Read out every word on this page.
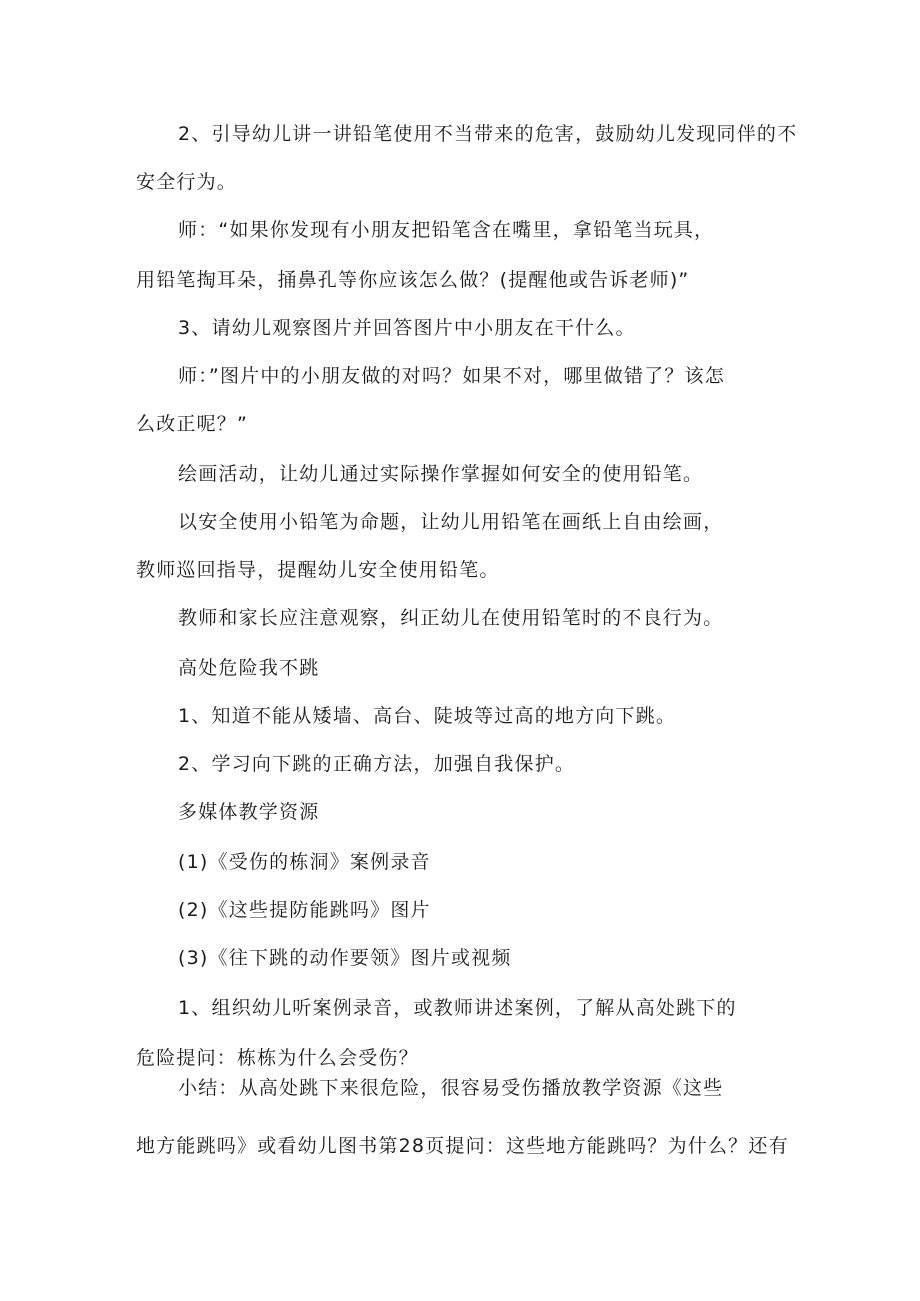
2、引导幼儿讲一讲铅笔使用不当带来的危害，鼓励幼儿发现同伴的不
安全行为。
师：“如果你发现有小朋友把铅笔含在嘴里，拿铅笔当玩具，
用铅笔掏耳朵，捅鼻孔等你应该怎么做？(提醒他或告诉老师)”
3、请幼儿观察图片并回答图片中小朋友在干什么。
师：”图片中的小朋友做的对吗？如果不对，哪里做错了？该怎
么改正呢？”
绘画活动，让幼儿通过实际操作掌握如何安全的使用铅笔。
以安全使用小铅笔为命题，让幼儿用铅笔在画纸上自由绘画，
教师巡回指导，提醒幼儿安全使用铅笔。
教师和家长应注意观察，纠正幼儿在使用铅笔时的不良行为。
高处危险我不跳
1、知道不能从矮墙、高台、陡坡等过高的地方向下跳。
2、学习向下跳的正确方法，加强自我保护。
多媒体教学资源
(1)《受伤的栋洞》案例录音
(2)《这些提防能跳吗》图片
(3)《往下跳的动作要领》图片或视频
1、组织幼儿听案例录音，或教师讲述案例，了解从高处跳下的
危险提问：栋栋为什么会受伤？
小结：从高处跳下来很危险，很容易受伤播放教学资源《这些
地方能跳吗》或看幼儿图书第28页提问：这些地方能跳吗？为什么？还有
